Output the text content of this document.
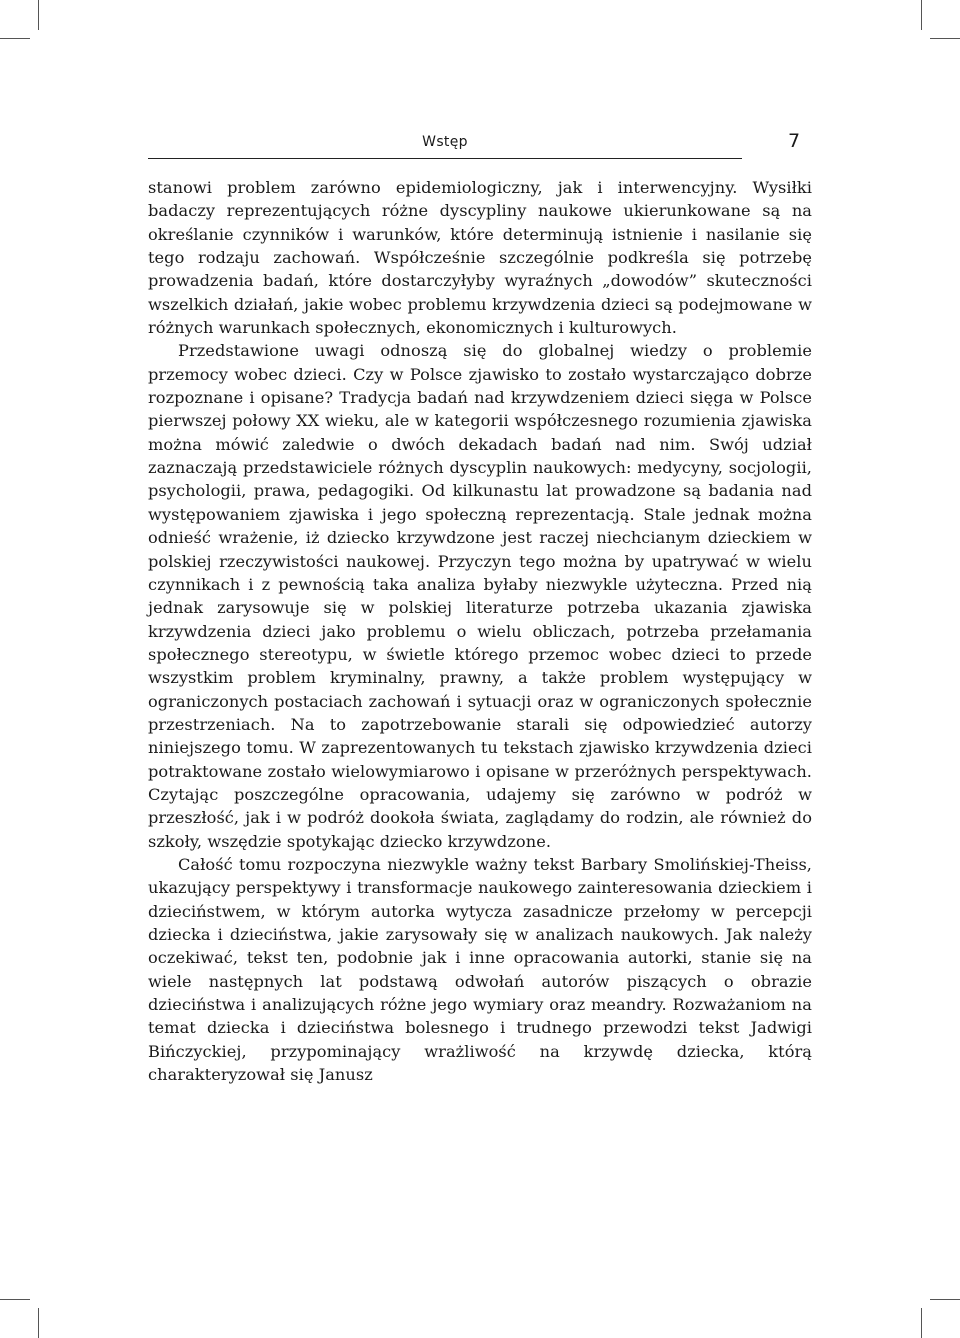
Wstęp	7

stanowi problem zarówno epidemiologiczny, jak i interwencyjny. Wysiłki badaczy reprezentujących różne dyscypliny naukowe ukierunkowane są na określanie czynników i warunków, które determinują istnienie i nasilanie się tego rodzaju zachowań. Współcześnie szczególnie podkreśla się potrzebę prowadzenia badań, które dostarczyłyby wyraźnych „dowodów” skuteczności wszelkich działań, jakie wobec problemu krzywdzenia dzieci są podejmowane w różnych warunkach społecznych, ekonomicznych i kulturowych.

Przedstawione uwagi odnoszą się do globalnej wiedzy o problemie przemocy wobec dzieci. Czy w Polsce zjawisko to zostało wystarczająco dobrze rozpoznane i opisane? Tradycja badań nad krzywdzeniem dzieci sięga w Polsce pierwszej połowy XX wieku, ale w kategorii współczesnego rozumienia zjawiska można mówić zaledwie o dwóch dekadach badań nad nim. Swój udział zaznaczają przedstawiciele różnych dyscyplin naukowych: medycyny, socjologii, psychologii, prawa, pedagogiki. Od kilkunastu lat prowadzone są badania nad występowaniem zjawiska i jego społeczną reprezentacją. Stale jednak można odnieść wrażenie, iż dziecko krzywdzone jest raczej niechcianym dzieckiem w polskiej rzeczywistości naukowej. Przyczyn tego można by upatrywać w wielu czynnikach i z pewnością taka analiza byłaby niezwykle użyteczna. Przed nią jednak zarysowuje się w polskiej literaturze potrzeba ukazania zjawiska krzywdzenia dzieci jako problemu o wielu obliczach, potrzeba przełamania społecznego stereotypu, w świetle którego przemoc wobec dzieci to przede wszystkim problem kryminalny, prawny, a także problem występujący w ograniczonych postaciach zachowań i sytuacji oraz w ograniczonych społecznie przestrzeniach. Na to zapotrzebowanie starali się odpowiedzieć autorzy niniejszego tomu. W zaprezentowanych tu tekstach zjawisko krzywdzenia dzieci potraktowane zostało wielowymiarowo i opisane w przeróżnych perspektywach. Czytając poszczególne opracowania, udajemy się zarówno w podróż w przeszłość, jak i w podróż dookoła świata, zaglądamy do rodzin, ale również do szkoły, wszędzie spotykając dziecko krzywdzone.

Całość tomu rozpoczyna niezwykle ważny tekst Barbary Smolińskiej-Theiss, ukazujący perspektywy i transformacje naukowego zainteresowania dzieckiem i dzieciństwem, w którym autorka wytycza zasadnicze przełomy w percepcji dziecka i dzieciństwa, jakie zarysowały się w analizach naukowych. Jak należy oczekiwać, tekst ten, podobnie jak i inne opracowania autorki, stanie się na wiele następnych lat podstawą odwołań autorów piszących o obrazie dzieciństwa i analizujących różne jego wymiary oraz meandry. Rozważaniom na temat dziecka i dzieciństwa bolesnego i trudnego przewodzi tekst Jadwigi Bińczyckiej, przypominający wrażliwość na krzywdę dziecka, którą charakteryzował się Janusz
